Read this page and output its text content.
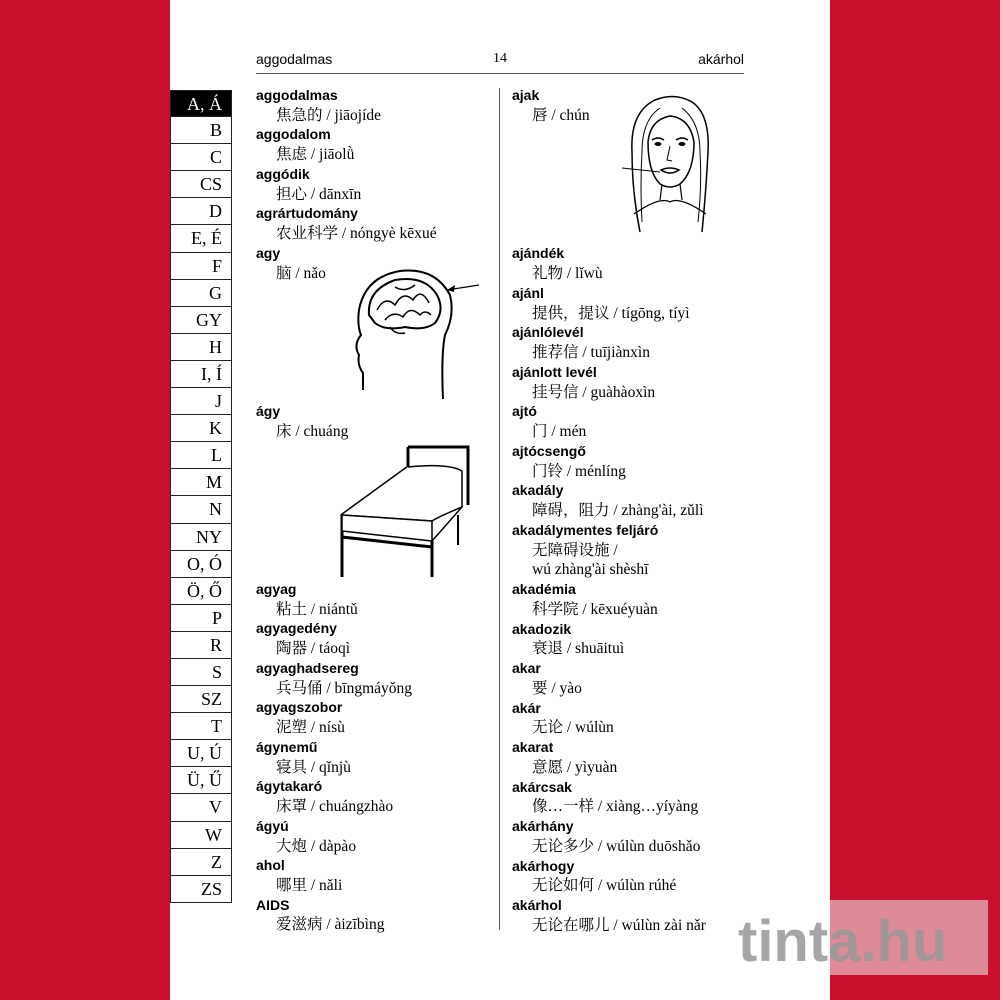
aggodalmas	14	akárhol
aggodalmas
焦急的 / jiāojíde
aggodalom
焦虑 / jiāolǜ
aggódik
担心 / dānxīn
agrártudomány
农业科学 / nóngyè kēxué
agy
脑 / nǎo
ágy
床 / chuáng
agyag
粘土 / niántǔ
agyagedény
陶器 / táoqì
agyaghadsereg
兵马俑 / bīngmáyǒng
agyagszobor
泥塑 / nísù
ágynemű
寝具 / qǐnjù
ágytakaró
床罩 / chuángzhào
ágyú
大炮 / dàpào
ahol
哪里 / nǎli
AIDS
爱滋病 / àizībìng
ajak
唇 / chún
ajándék
礼物 / lǐwù
ajánl
提供，提议 / tígōng, tíyì
ajánlólevél
推荐信 / tuījiànxìn
ajánlott levél
挂号信 / guàhàoxìn
ajtó
门 / mén
ajtócsengő
门铃 / ménlíng
akadály
障碍，阻力 / zhàng'ài, zǔlì
akadálymentes feljáró
无障碍设施 /
wú zhàng'ài shèshī
akadémia
科学院 / kēxuéyuàn
akadozik
衰退 / shuāituì
akar
要 / yào
akár
无论 / wúlùn
akarat
意愿 / yìyuàn
akárcsak
像…一样 / xiàng…yíyàng
akárhány
无论多少 / wúlùn duōshǎo
akárhogy
无论如何 / wúlùn rúhé
akárhol
无论在哪儿 / wúlùn zài nǎr
A, Á
B
C
CS
D
E, É
F
G
GY
H
I, Í
J
K
L
M
N
NY
O, Ó
Ö, Ő
P
R
S
SZ
T
U, Ú
Ü, Ű
V
W
Z
ZS
tinta.hu
